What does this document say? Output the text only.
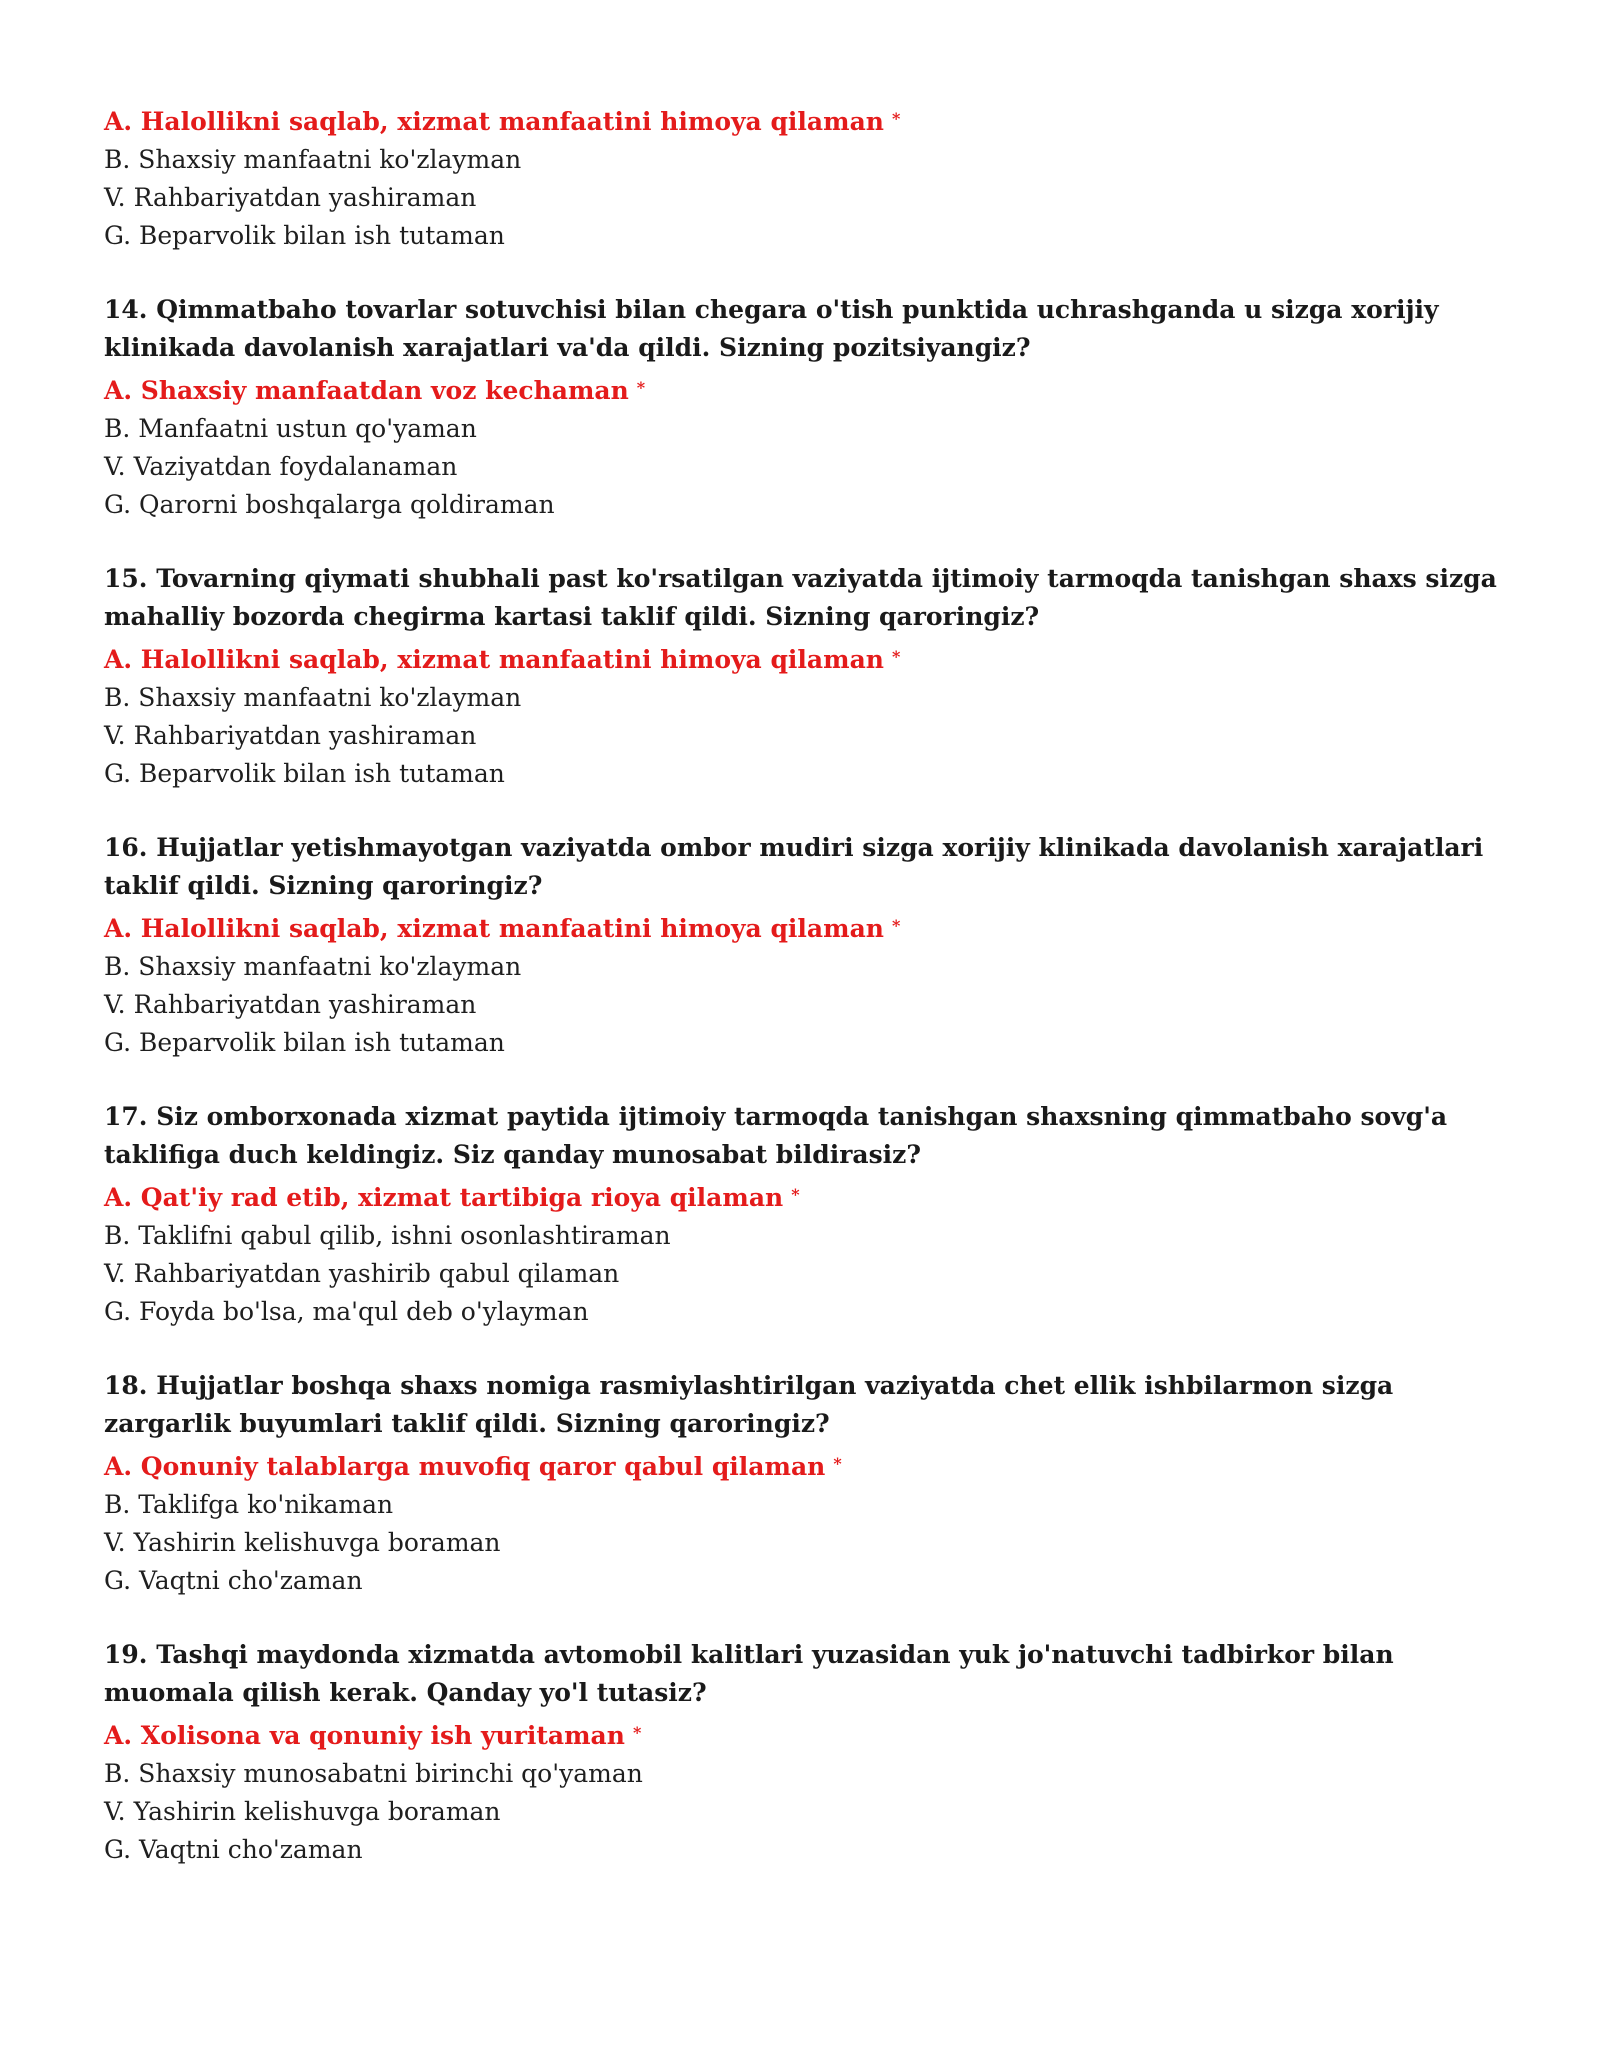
A. Halollikni saqlab, xizmat manfaatini himoya qilaman *
B. Shaxsiy manfaatni ko'zlayman
V. Rahbariyatdan yashiraman
G. Beparvolik bilan ish tutaman
14. Qimmatbaho tovarlar sotuvchisi bilan chegara o'tish punktida uchrashganda u sizga xorijiy klinikada davolanish xarajatlari va'da qildi. Sizning pozitsiyangiz?
A. Shaxsiy manfaatdan voz kechaman *
B. Manfaatni ustun qo'yaman
V. Vaziyatdan foydalanaman
G. Qarorni boshqalarga qoldiraman
15. Tovarning qiymati shubhali past ko'rsatilgan vaziyatda ijtimoiy tarmoqda tanishgan shaxs sizga mahalliy bozorda chegirma kartasi taklif qildi. Sizning qaroringiz?
A. Halollikni saqlab, xizmat manfaatini himoya qilaman *
B. Shaxsiy manfaatni ko'zlayman
V. Rahbariyatdan yashiraman
G. Beparvolik bilan ish tutaman
16. Hujjatlar yetishmayotgan vaziyatda ombor mudiri sizga xorijiy klinikada davolanish xarajatlari taklif qildi. Sizning qaroringiz?
A. Halollikni saqlab, xizmat manfaatini himoya qilaman *
B. Shaxsiy manfaatni ko'zlayman
V. Rahbariyatdan yashiraman
G. Beparvolik bilan ish tutaman
17. Siz omborxonada xizmat paytida ijtimoiy tarmoqda tanishgan shaxsning qimmatbaho sovg'a taklifiga duch keldingiz. Siz qanday munosabat bildirasiz?
A. Qat'iy rad etib, xizmat tartibiga rioya qilaman *
B. Taklifni qabul qilib, ishni osonlashtiraman
V. Rahbariyatdan yashirib qabul qilaman
G. Foyda bo'lsa, ma'qul deb o'ylayman
18. Hujjatlar boshqa shaxs nomiga rasmiylashtirilgan vaziyatda chet ellik ishbilarmon sizga zargarlik buyumlari taklif qildi. Sizning qaroringiz?
A. Qonuniy talablarga muvofiq qaror qabul qilaman *
B. Taklifga ko'nikaman
V. Yashirin kelishuvga boraman
G. Vaqtni cho'zaman
19. Tashqi maydonda xizmatda avtomobil kalitlari yuzasidan yuk jo'natuvchi tadbirkor bilan muomala qilish kerak. Qanday yo'l tutasiz?
A. Xolisona va qonuniy ish yuritaman *
B. Shaxsiy munosabatni birinchi qo'yaman
V. Yashirin kelishuvga boraman
G. Vaqtni cho'zaman
